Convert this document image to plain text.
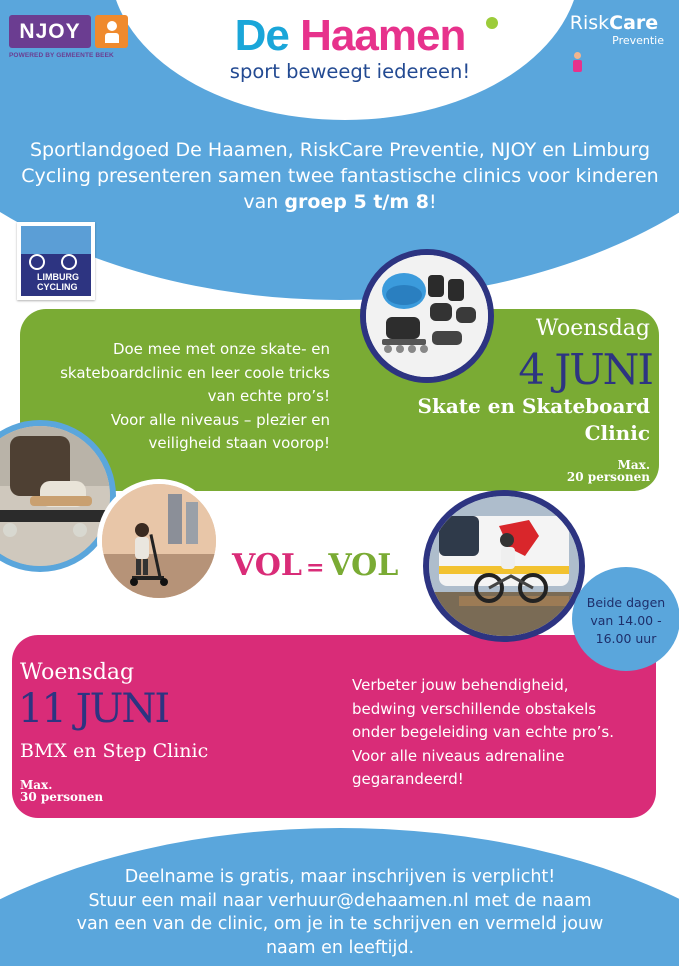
NJOY
POWERED BY GEMEENTE BEEK	De Haamen
sport beweegt iedereen!
RiskCare
Preventie
Sportlandgoed De Haamen, RiskCare Preventie, NJOY en Limburg Cycling presenteren samen twee fantastische clinics voor kinderen van groep 5 t/m 8!
LIMBURG
CYCLING
Doe mee met onze skate- en
skateboardclinic en leer coole tricks
van echte pro’s!
Voor alle niveaus – plezier en
veiligheid staan voorop!
Woensdag
4 JUNI
Skate en Skateboard
Clinic
Max.
20 personen
VOL = VOL
Beide dagen
van 14.00 -
16.00 uur
Woensdag
11 JUNI
BMX en Step Clinic
Max.
30 personen
Verbeter jouw behendigheid,
bedwing verschillende obstakels
onder begeleiding van echte pro’s.
Voor alle niveaus adrenaline
gegarandeerd!
Deelname is gratis, maar inschrijven is verplicht!
Stuur een mail naar verhuur@dehaamen.nl met de naam
van een van de clinic, om je in te schrijven en vermeld jouw
naam en leeftijd.
